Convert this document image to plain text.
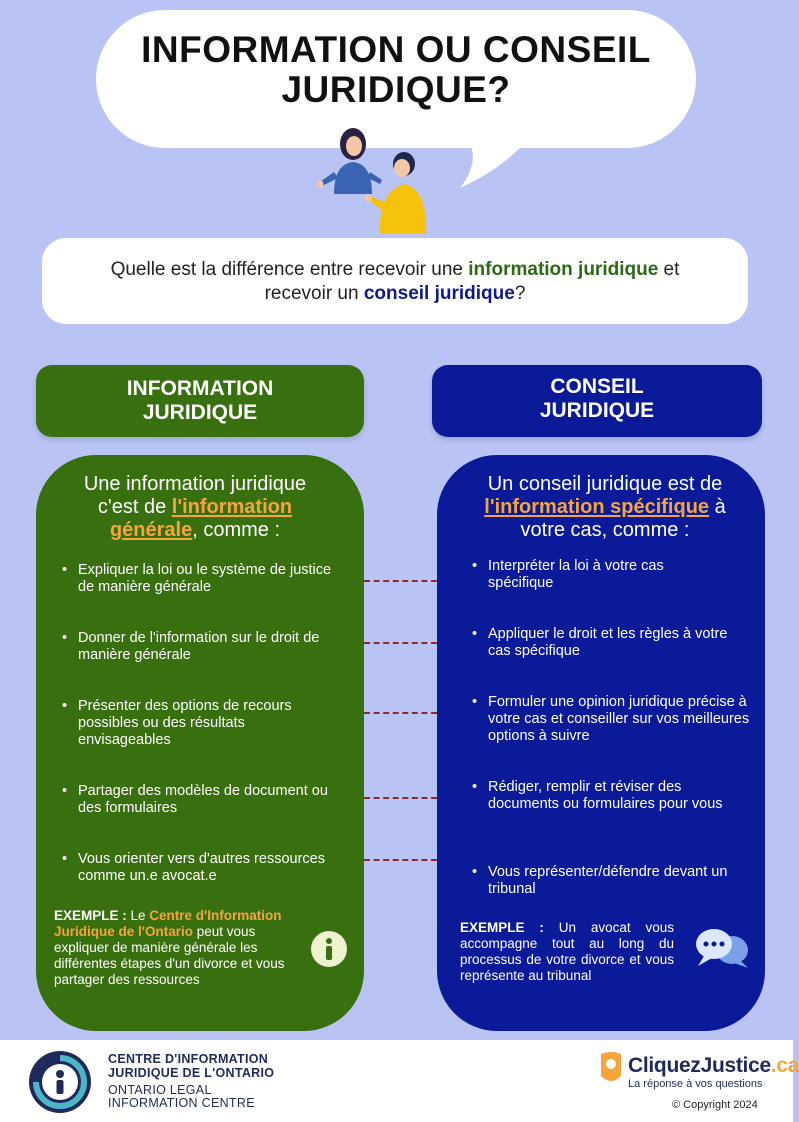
INFORMATION OU CONSEIL
JURIDIQUE?
Quelle est la différence entre recevoir une information juridique et
recevoir un conseil juridique?
INFORMATION
JURIDIQUE
CONSEIL
JURIDIQUE
Une information juridique
c'est de l'information
générale, comme :
• Expliquer la loi ou le système de justice de manière générale
• Donner de l'information sur le droit de manière générale
• Présenter des options de recours possibles ou des résultats envisageables
• Partager des modèles de document ou des formulaires
• Vous orienter vers d'autres ressources comme un.e avocat.e
EXEMPLE : Le Centre d'Information Juridique de l'Ontario peut vous expliquer de manière générale les différentes étapes d'un divorce et vous partager des ressources
Un conseil juridique est de
l'information spécifique à
votre cas, comme :
• Interpréter la loi à votre cas spécifique
• Appliquer le droit et les règles à votre cas spécifique
• Formuler une opinion juridique précise à votre cas et conseiller sur vos meilleures options à suivre
• Rédiger, remplir et réviser des documents ou formulaires pour vous
• Vous représenter/défendre devant un tribunal
EXEMPLE : Un avocat vous accompagne tout au long du processus de votre divorce et vous représente au tribunal
CENTRE D'INFORMATION
JURIDIQUE DE L'ONTARIO
ONTARIO LEGAL
INFORMATION CENTRE
CliquezJustice.ca
La réponse à vos questions
© Copyright 2024
